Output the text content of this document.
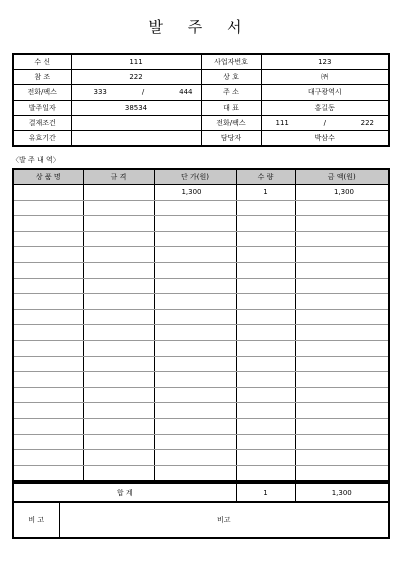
발 주 서
수 신	111	사업자번호	123
참 조	222	상 호	㈜
전화/팩스	333 / 444	주 소	대구광역시
발주일자	38534	대 표	홍길동
결재조건		전화/팩스	111 / 222

유효기간		담당자	박삼수
〈발 주 내 역〉
상 품 명	규 격	단 가(원)	수 량	금 액(원)
		1,300	1	1,300

합 계	1	1,300
비 고	비고
